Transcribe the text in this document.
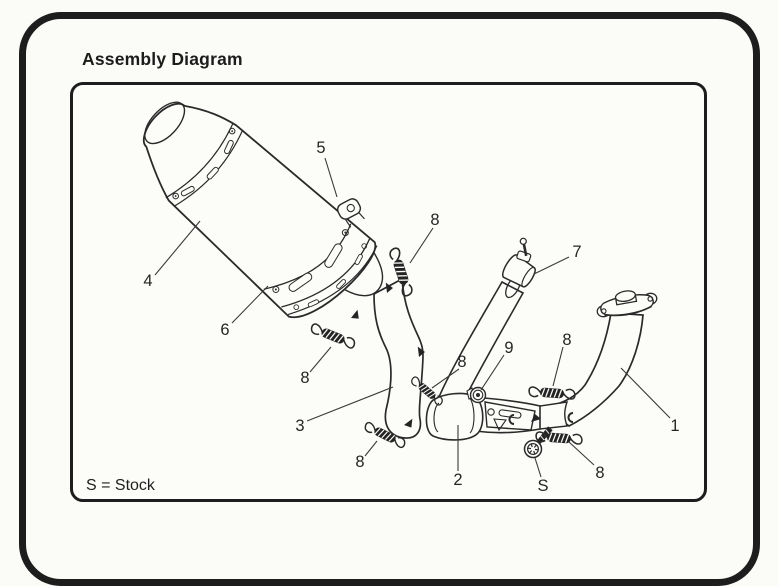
Assembly Diagram
5
4
6
8
7
8
3
8
2	S
8
9	8
8
1
S = Stock
